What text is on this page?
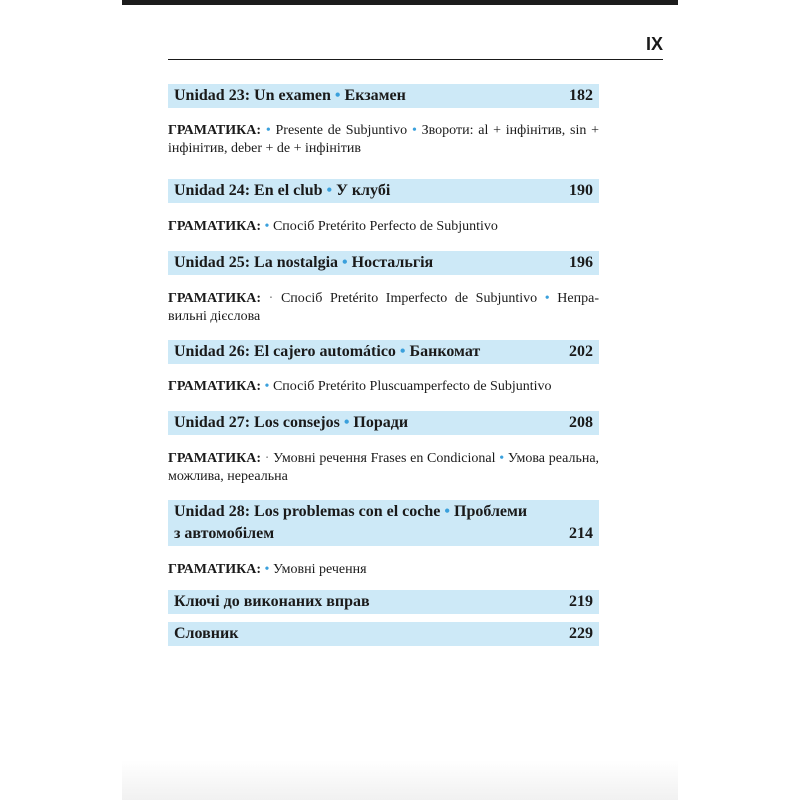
IX
Unidad 23: Un examen • Екзамен	182
ГРАМАТИКА: • Presente de Subjuntivo • Звороти: al + інфінітив, sin + інфінітив, deber + de + інфінітив
Unidad 24: En el club • У клубі	190
ГРАМАТИКА: • Спосіб Pretérito Perfecto de Subjuntivo
Unidad 25: La nostalgia • Ностальгія	196
ГРАМАТИКА: · Спосіб Pretérito Imperfecto de Subjuntivo • Непра-вильні дієслова
Unidad 26: El cajero automático • Банкомат	202
ГРАМАТИКА: • Спосіб Pretérito Pluscuamperfecto de Subjuntivo
Unidad 27: Los consejos • Поради	208
ГРАМАТИКА: · Умовні речення Frases en Condicional • Умова реальна, можлива, нереальна
Unidad 28: Los problemas con el coche • Проблеми
з автомобілем	214
ГРАМАТИКА: • Умовні речення
Ключі до виконаних вправ	219
Словник	229
